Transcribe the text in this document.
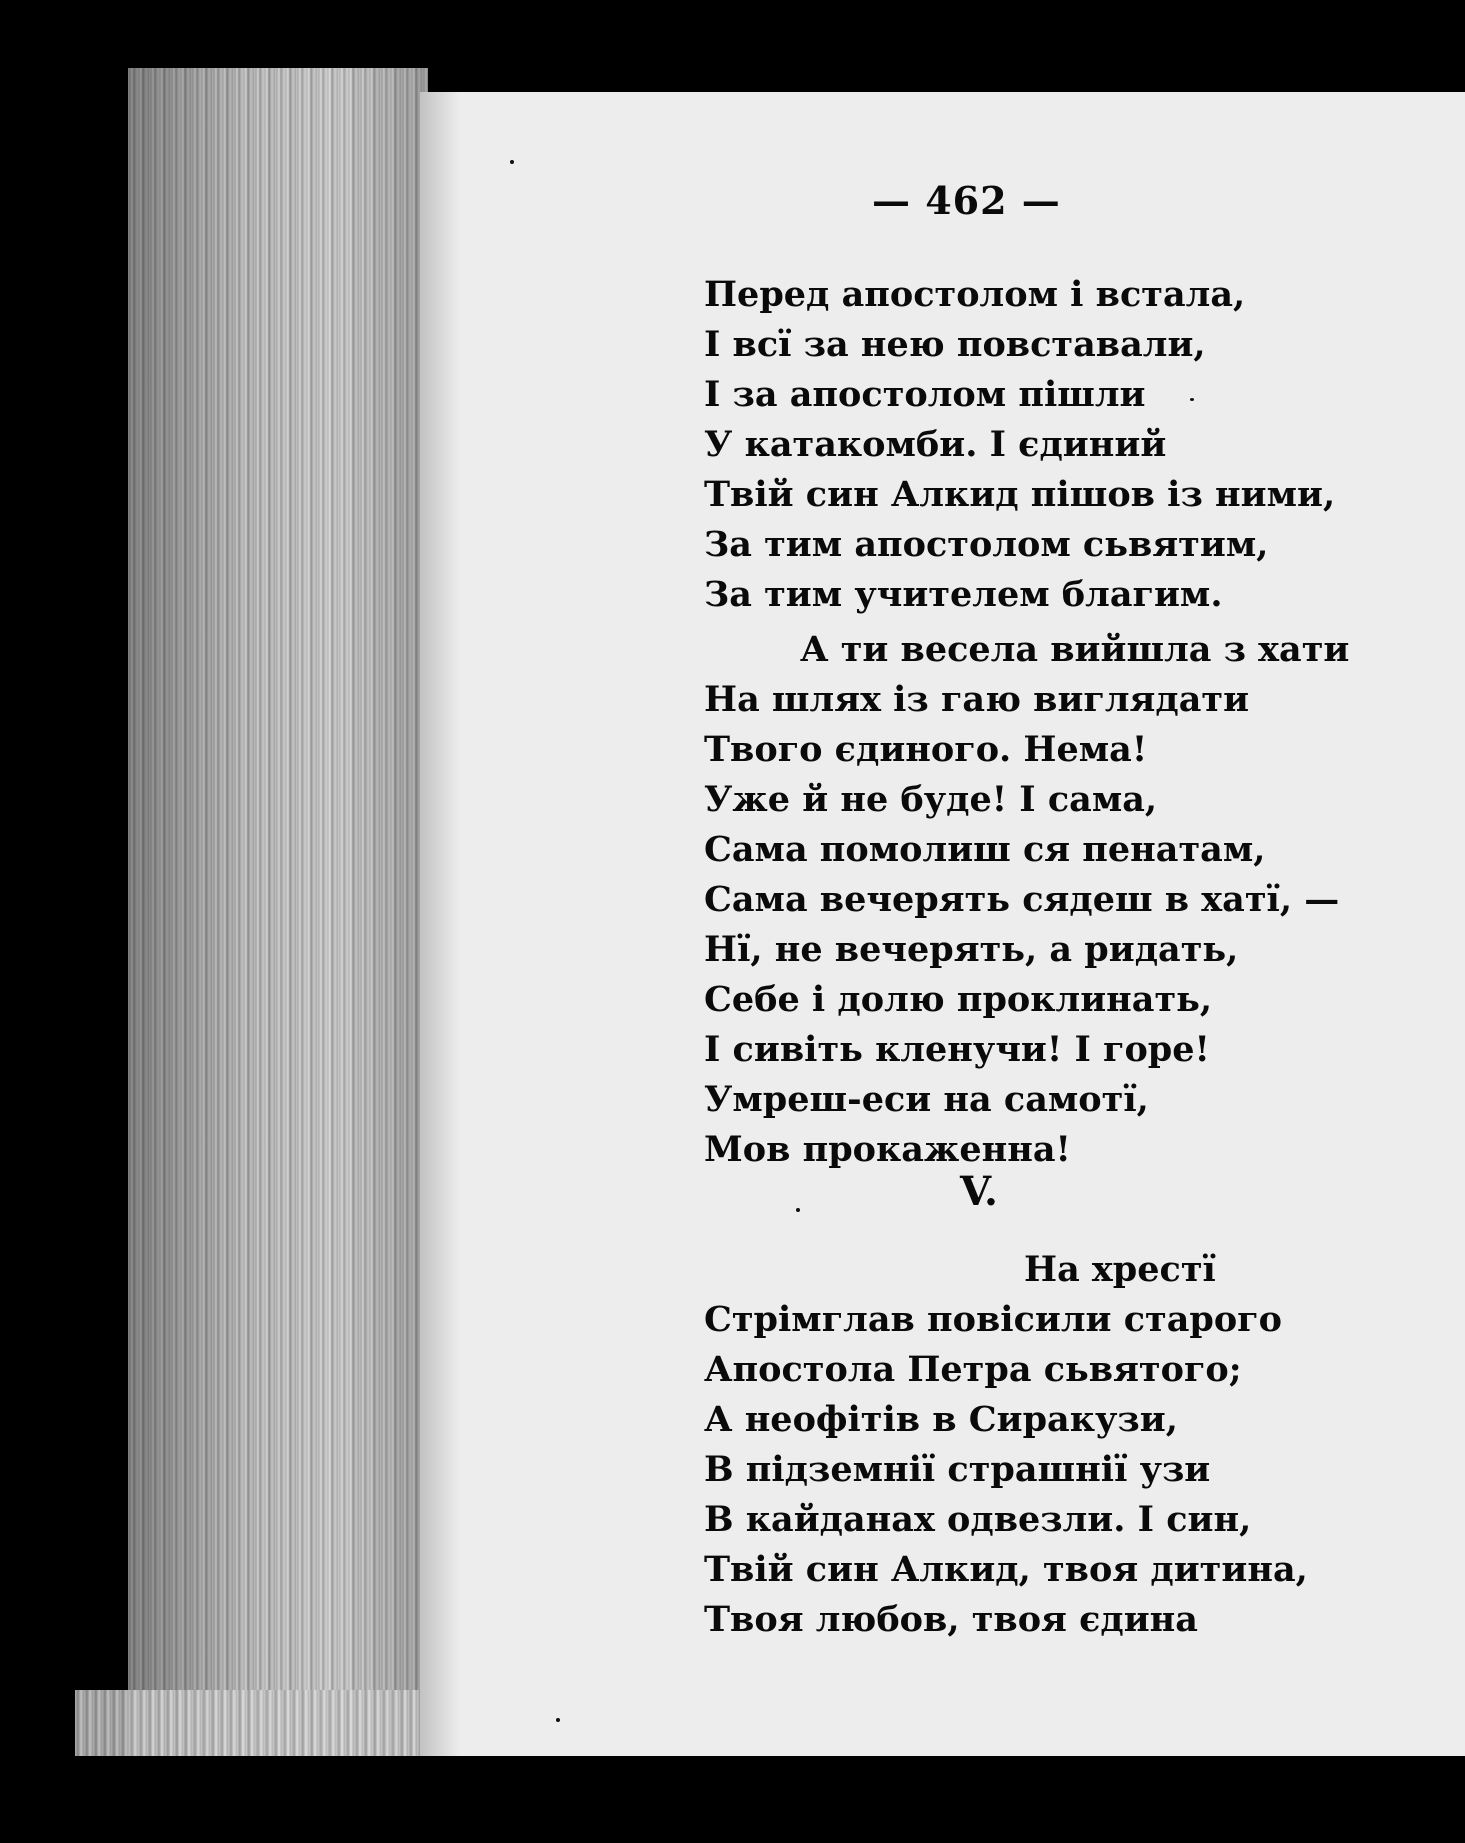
— 462 —
Перед апостолом і встала,
І всї за нею повставали,
І за апостолом пішли
У катакомби. І єдиний
Твій син Алкид пішов із ними,
За тим апостолом сьвятим,
За тим учителем благим.
А ти весела вийшла з хати
На шлях із гаю виглядати
Твого єдиного. Нема!
Уже й не буде! І сама,
Сама помолиш ся пенатам,
Сама вечерять сядеш в хатї, —
Нї, не вечерять, а ридать,
Себе і долю проклинать,
І сивіть кленучи! І горе!
Умреш-еси на самотї,
Мов прокаженна!
V.
На хрестї
Стрімглав повісили старого
Апостола Петра сьвятого;
А неофітів в Сиракузи,
В підземнії страшнії узи
В кайданах одвезли. І син,
Твій син Алкид, твоя дитина,
Твоя любов, твоя єдина
